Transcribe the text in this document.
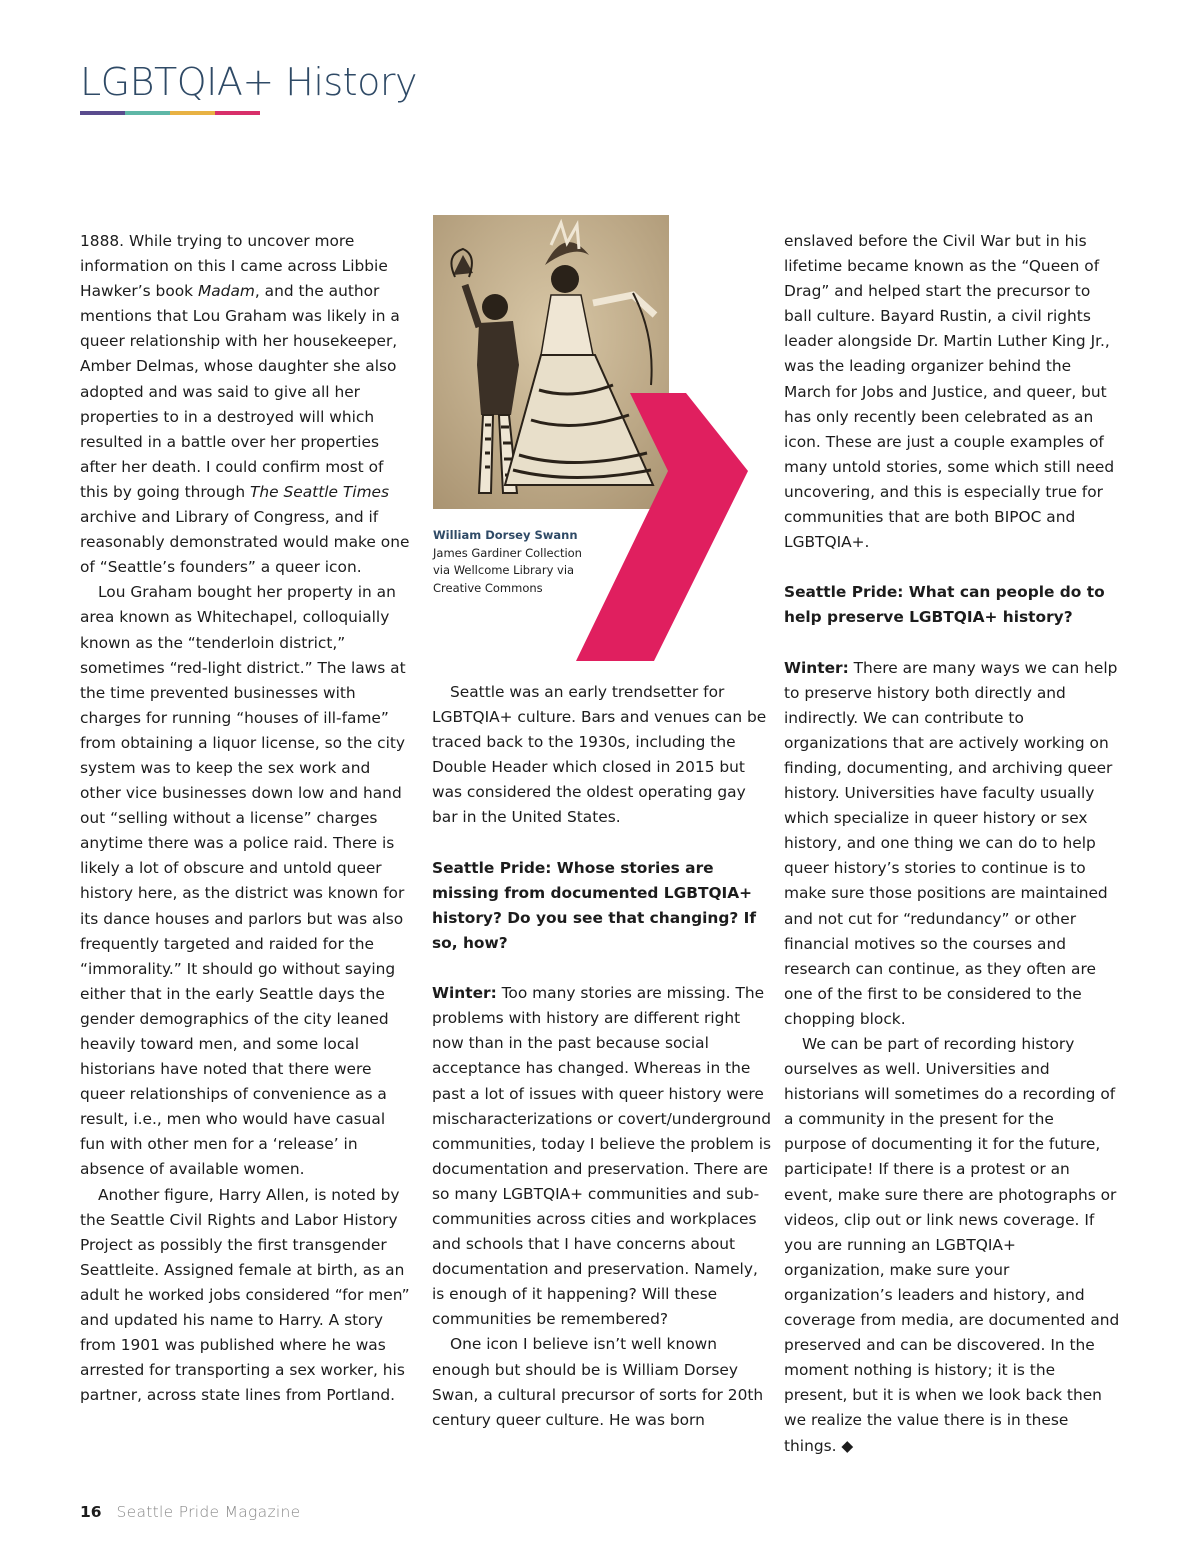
LGBTQIA+ History

1888. While trying to uncover more information on this I came across Libbie Hawker’s book Madam, and the author mentions that Lou Graham was likely in a queer relationship with her housekeeper, Amber Delmas, whose daughter she also adopted and was said to give all her properties to in a destroyed will which resulted in a battle over her properties after her death. I could confirm most of this by going through The Seattle Times archive and Library of Congress, and if reasonably demonstrated would make one of “Seattle’s founders” a queer icon.

Lou Graham bought her property in an area known as Whitechapel, colloquially known as the “tenderloin district,” sometimes “red-light district.” The laws at the time prevented businesses with charges for running “houses of ill-fame” from obtaining a liquor license, so the city system was to keep the sex work and other vice businesses down low and hand out “selling without a license” charges anytime there was a police raid. There is likely a lot of obscure and untold queer history here, as the district was known for its dance houses and parlors but was also frequently targeted and raided for the “immorality.” It should go without saying either that in the early Seattle days the gender demographics of the city leaned heavily toward men, and some local historians have noted that there were queer relationships of convenience as a result, i.e., men who would have casual fun with other men for a ‘release’ in absence of available women.

Another figure, Harry Allen, is noted by the Seattle Civil Rights and Labor History Project as possibly the first transgender Seattleite. Assigned female at birth, as an adult he worked jobs considered “for men” and updated his name to Harry. A story from 1901 was published where he was arrested for transporting a sex worker, his partner, across state lines from Portland.

William Dorsey Swann
James Gardiner Collection
via Wellcome Library via
Creative Commons

Seattle was an early trendsetter for LGBTQIA+ culture. Bars and venues can be traced back to the 1930s, including the Double Header which closed in 2015 but was considered the oldest operating gay bar in the United States.

Seattle Pride: Whose stories are missing from documented LGBTQIA+ history? Do you see that changing? If so, how?

Winter: Too many stories are missing. The problems with history are different right now than in the past because social acceptance has changed. Whereas in the past a lot of issues with queer history were mischaracterizations or covert/underground communities, today I believe the problem is documentation and preservation. There are so many LGBTQIA+ communities and sub-communities across cities and workplaces and schools that I have concerns about documentation and preservation. Namely, is enough of it happening? Will these communities be remembered?

One icon I believe isn’t well known enough but should be is William Dorsey Swan, a cultural precursor of sorts for 20th century queer culture. He was born

enslaved before the Civil War but in his lifetime became known as the “Queen of Drag” and helped start the precursor to ball culture. Bayard Rustin, a civil rights leader alongside Dr. Martin Luther King Jr., was the leading organizer behind the March for Jobs and Justice, and queer, but has only recently been celebrated as an icon. These are just a couple examples of many untold stories, some which still need uncovering, and this is especially true for communities that are both BIPOC and LGBTQIA+.

Seattle Pride: What can people do to help preserve LGBTQIA+ history?

Winter: There are many ways we can help to preserve history both directly and indirectly. We can contribute to organizations that are actively working on finding, documenting, and archiving queer history. Universities have faculty usually which specialize in queer history or sex history, and one thing we can do to help queer history’s stories to continue is to make sure those positions are maintained and not cut for “redundancy” or other financial motives so the courses and research can continue, as they often are one of the first to be considered to the chopping block.

We can be part of recording history ourselves as well. Universities and historians will sometimes do a recording of a community in the present for the purpose of documenting it for the future, participate! If there is a protest or an event, make sure there are photographs or videos, clip out or link news coverage. If you are running an LGBTQIA+ organization, make sure your organization’s leaders and history, and coverage from media, are documented and preserved and can be discovered. In the moment nothing is history; it is the present, but it is when we look back then we realize the value there is in these things. ◆

16 Seattle Pride Magazine
